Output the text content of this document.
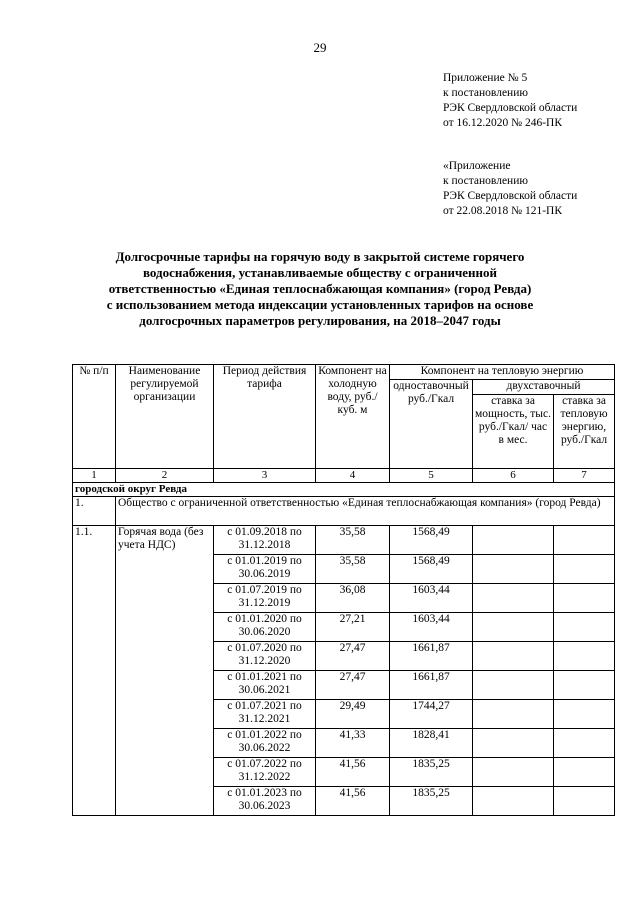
29
Приложение № 5
к постановлению
РЭК Свердловской области
от 16.12.2020 № 246-ПК
«Приложение
к постановлению
РЭК Свердловской области
от 22.08.2018 № 121-ПК
Долгосрочные тарифы на горячую воду в закрытой системе горячего
водоснабжения, устанавливаемые обществу с ограниченной
ответственностью «Единая теплоснабжающая компания» (город Ревда)
с использованием метода индексации установленных тарифов на основе
долгосрочных параметров регулирования, на 2018–2047 годы
№ п/п	Наименование регулируемой организации	Период действия тарифа	Компонент на холодную воду, руб./куб. м	Компонент на тепловую энергию		
				одноставочный руб./Гкал	двухставочный	
					ставка за мощность, тыс. руб./Гкал/ час в мес.	ставка за тепловую энергию, руб./Гкал
1	2	3	4	5	6	7
городской округ Ревда						
1.	Общество с ограниченной ответственностью «Единая теплоснабжающая компания» (город Ревда)					
1.1.	Горячая вода (без учета НДС)	с 01.09.2018 по 31.12.2018	35,58	1568,49		
		с 01.01.2019 по 30.06.2019	35,58	1568,49		
		с 01.07.2019 по 31.12.2019	36,08	1603,44		
		с 01.01.2020 по 30.06.2020	27,21	1603,44		
		с 01.07.2020 по 31.12.2020	27,47	1661,87		
		с 01.01.2021 по 30.06.2021	27,47	1661,87		
		с 01.07.2021 по 31.12.2021	29,49	1744,27		
		с 01.01.2022 по 30.06.2022	41,33	1828,41		
		с 01.07.2022 по 31.12.2022	41,56	1835,25		
		с 01.01.2023 по 30.06.2023	41,56	1835,25		
